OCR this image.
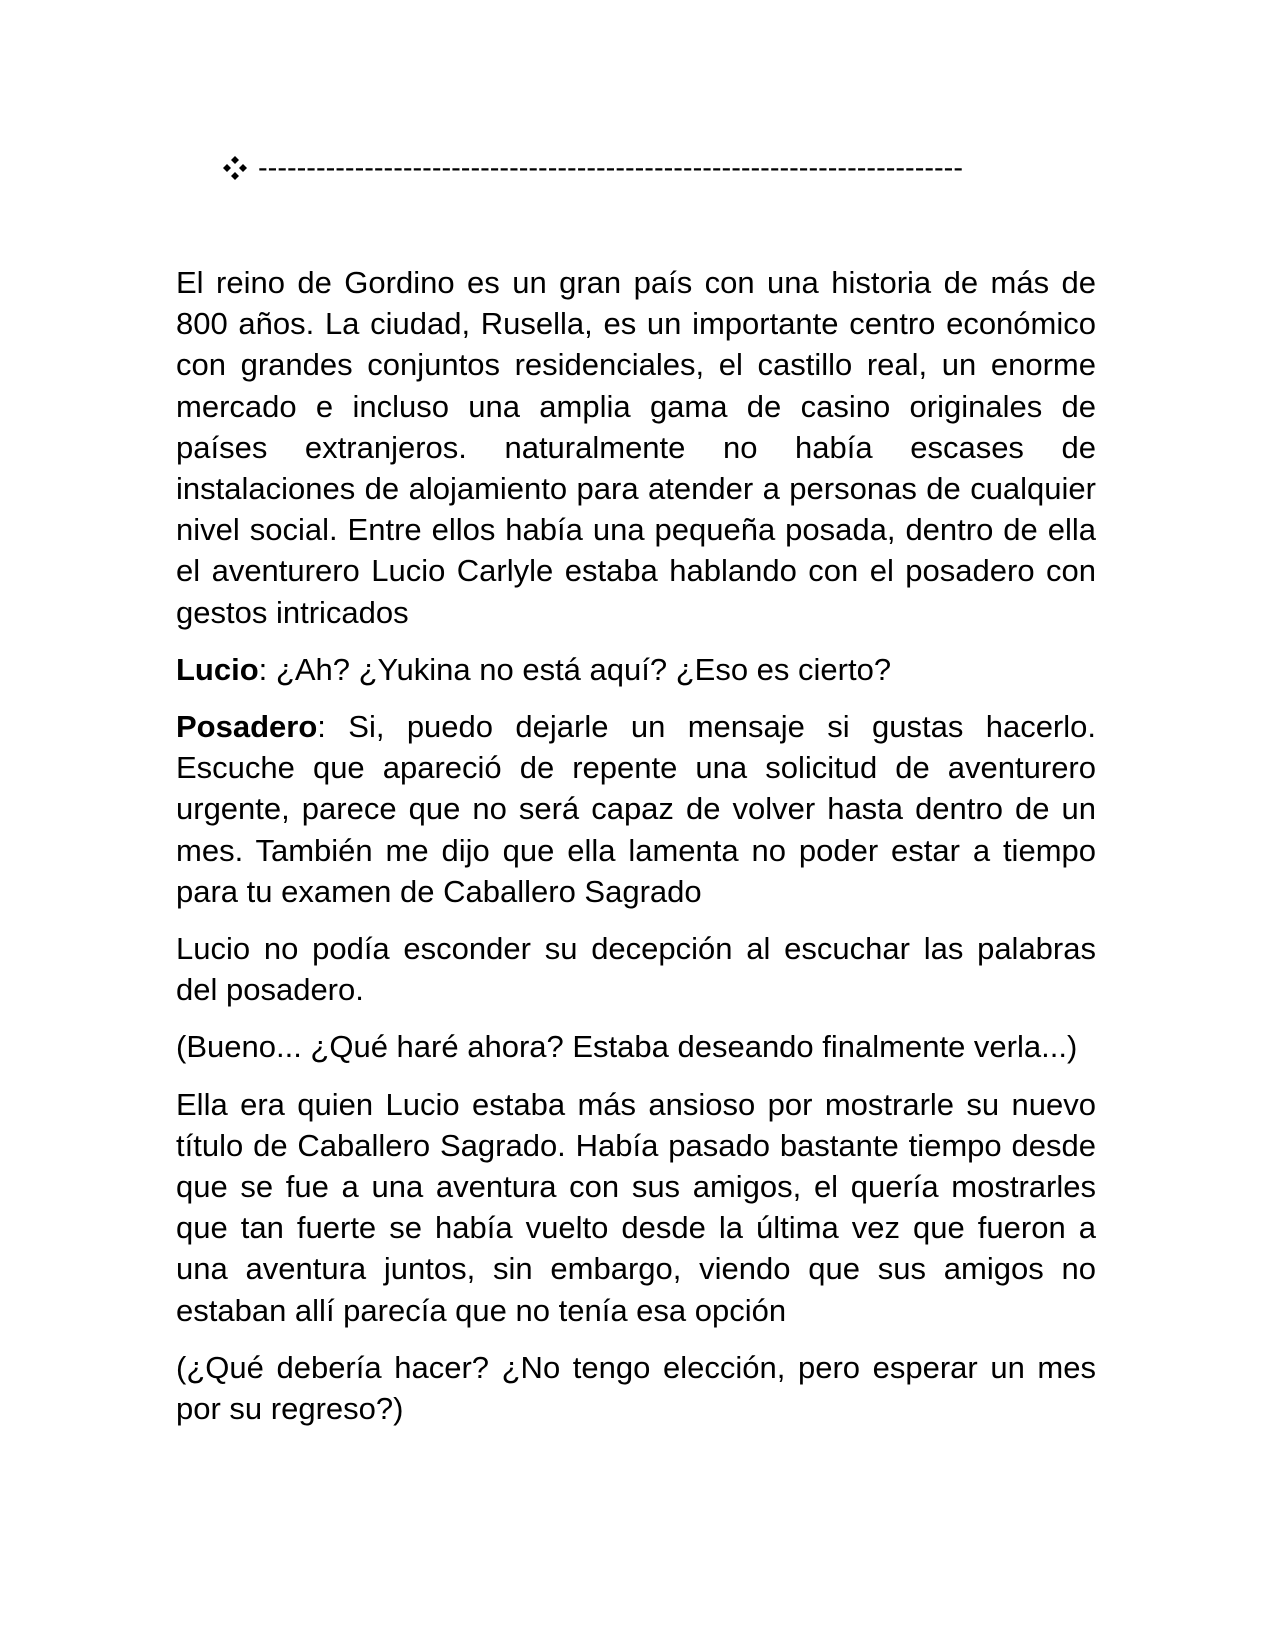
-------------------------------------------------------------------------

El reino de Gordino es un gran país con una historia de más de 800 años. La ciudad, Rusella, es un importante centro económico con grandes conjuntos residenciales, el castillo real, un enorme mercado e incluso una amplia gama de casino originales de países extranjeros. naturalmente no había escases de instalaciones de alojamiento para atender a personas de cualquier nivel social. Entre ellos había una pequeña posada, dentro de ella el aventurero Lucio Carlyle estaba hablando con el posadero con gestos intricados

Lucio: ¿Ah? ¿Yukina no está aquí? ¿Eso es cierto?

Posadero: Si, puedo dejarle un mensaje si gustas hacerlo. Escuche que apareció de repente una solicitud de aventurero urgente, parece que no será capaz de volver hasta dentro de un mes. También me dijo que ella lamenta no poder estar a tiempo para tu examen de Caballero Sagrado

Lucio no podía esconder su decepción al escuchar las palabras del posadero.

(Bueno... ¿Qué haré ahora? Estaba deseando finalmente verla...)

Ella era quien Lucio estaba más ansioso por mostrarle su nuevo título de Caballero Sagrado. Había pasado bastante tiempo desde que se fue a una aventura con sus amigos, el quería mostrarles que tan fuerte se había vuelto desde la última vez que fueron a una aventura juntos, sin embargo, viendo que sus amigos no estaban allí parecía que no tenía esa opción

(¿Qué debería hacer? ¿No tengo elección, pero esperar un mes por su regreso?)
